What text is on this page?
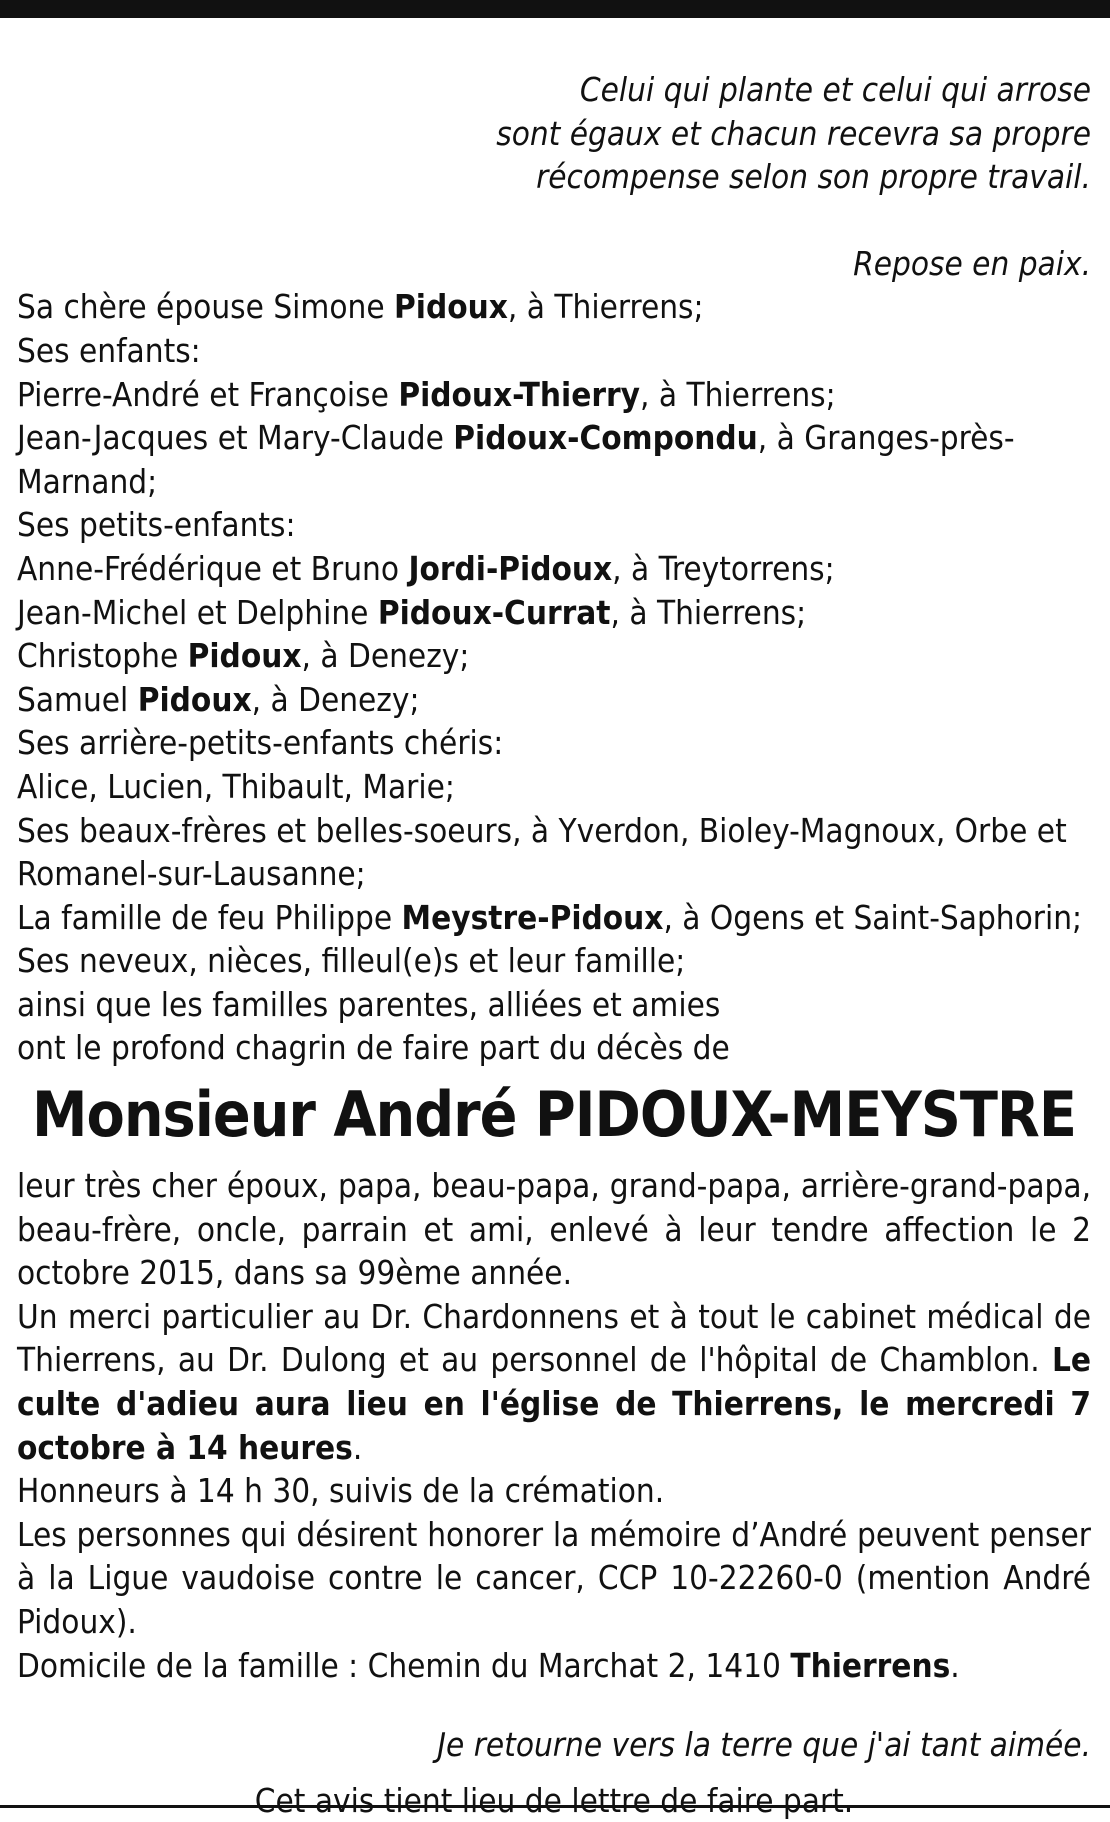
Celui qui plante et celui qui arrose
sont égaux et chacun recevra sa propre
récompense selon son propre travail.
Repose en paix.
Sa chère épouse Simone Pidoux, à Thierrens;
Ses enfants:
Pierre-André et Françoise Pidoux-Thierry, à Thierrens;
Jean-Jacques et Mary-Claude Pidoux-Compondu, à Granges-près-
Marnand;
Ses petits-enfants:
Anne-Frédérique et Bruno Jordi-Pidoux, à Treytorrens;
Jean-Michel et Delphine Pidoux-Currat, à Thierrens;
Christophe Pidoux, à Denezy;
Samuel Pidoux, à Denezy;
Ses arrière-petits-enfants chéris:
Alice, Lucien, Thibault, Marie;
Ses beaux-frères et belles-soeurs, à Yverdon, Bioley-Magnoux, Orbe et
Romanel-sur-Lausanne;
La famille de feu Philippe Meystre-Pidoux, à Ogens et Saint-Saphorin;
Ses neveux, nièces, filleul(e)s et leur famille;
ainsi que les familles parentes, alliées et amies
ont le profond chagrin de faire part du décès de
Monsieur André PIDOUX-MEYSTRE
leur très cher époux, papa, beau-papa, grand-papa, arrière-grand-papa, beau-frère, oncle, parrain et ami, enlevé à leur tendre affection le 2 octobre 2015, dans sa 99ème année.
Un merci particulier au Dr. Chardonnens et à tout le cabinet médical de Thierrens, au Dr. Dulong et au personnel de l'hôpital de Chamblon. Le culte d'adieu aura lieu en l'église de Thierrens, le mercredi 7 octobre à 14 heures.
Honneurs à 14 h 30, suivis de la crémation.
Les personnes qui désirent honorer la mémoire d’André peuvent penser à la Ligue vaudoise contre le cancer, CCP 10-22260-0 (mention André Pidoux).
Domicile de la famille : Chemin du Marchat 2, 1410 Thierrens.
Je retourne vers la terre que j'ai tant aimée.
Cet avis tient lieu de lettre de faire part.
